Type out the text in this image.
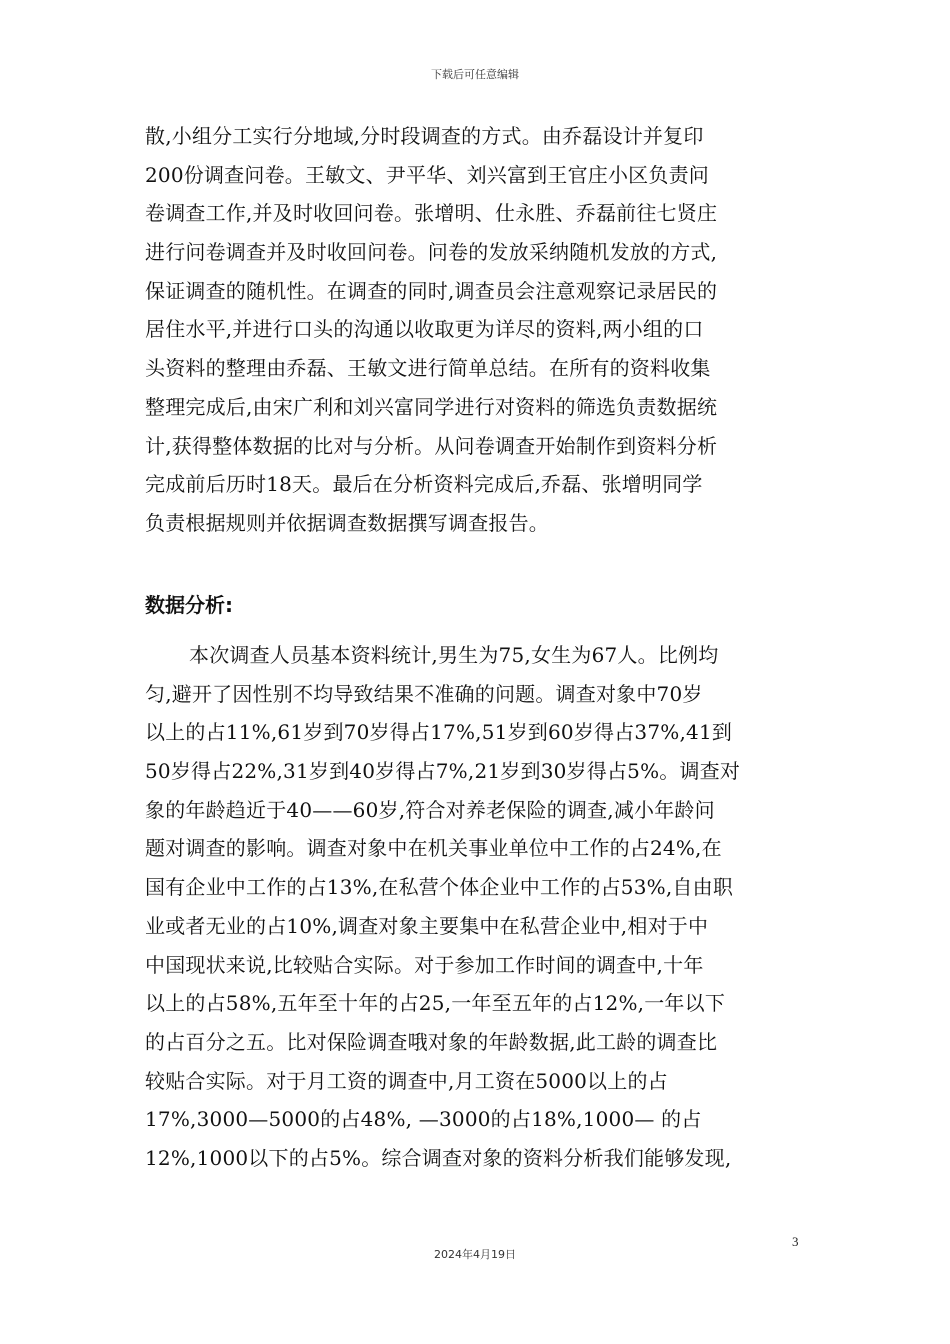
下载后可任意编辑
散,小组分工实行分地域,分时段调查的方式。由乔磊设计并复印
200份调查问卷。王敏文、尹平华、刘兴富到王官庄小区负责问
卷调查工作,并及时收回问卷。张增明、仕永胜、乔磊前往七贤庄
进行问卷调查并及时收回问卷。问卷的发放采纳随机发放的方式,
保证调查的随机性。在调查的同时,调查员会注意观察记录居民的
居住水平,并进行口头的沟通以收取更为详尽的资料,两小组的口
头资料的整理由乔磊、王敏文进行简单总结。在所有的资料收集
整理完成后,由宋广利和刘兴富同学进行对资料的筛选负责数据统
计,获得整体数据的比对与分析。从问卷调查开始制作到资料分析
完成前后历时18天。最后在分析资料完成后,乔磊、张增明同学
负责根据规则并依据调查数据撰写调查报告。
数据分析:
本次调查人员基本资料统计,男生为75,女生为67人。比例均
匀,避开了因性别不均导致结果不准确的问题。调查对象中70岁
以上的占11%,61岁到70岁得占17%,51岁到60岁得占37%,41到
50岁得占22%,31岁到40岁得占7%,21岁到30岁得占5%。调查对
象的年龄趋近于40——60岁,符合对养老保险的调查,减小年龄问
题对调查的影响。调查对象中在机关事业单位中工作的占24%,在
国有企业中工作的占13%,在私营个体企业中工作的占53%,自由职
业或者无业的占10%,调查对象主要集中在私营企业中,相对于中
中国现状来说,比较贴合实际。对于参加工作时间的调查中,十年
以上的占58%,五年至十年的占25,一年至五年的占12%,一年以下
的占百分之五。比对保险调查哦对象的年龄数据,此工龄的调查比
较贴合实际。对于月工资的调查中,月工资在5000以上的占
17%,3000—5000的占48%, —3000的占18%,1000— 的占
12%,1000以下的占5%。综合调查对象的资料分析我们能够发现,
3
2024年4月19日
